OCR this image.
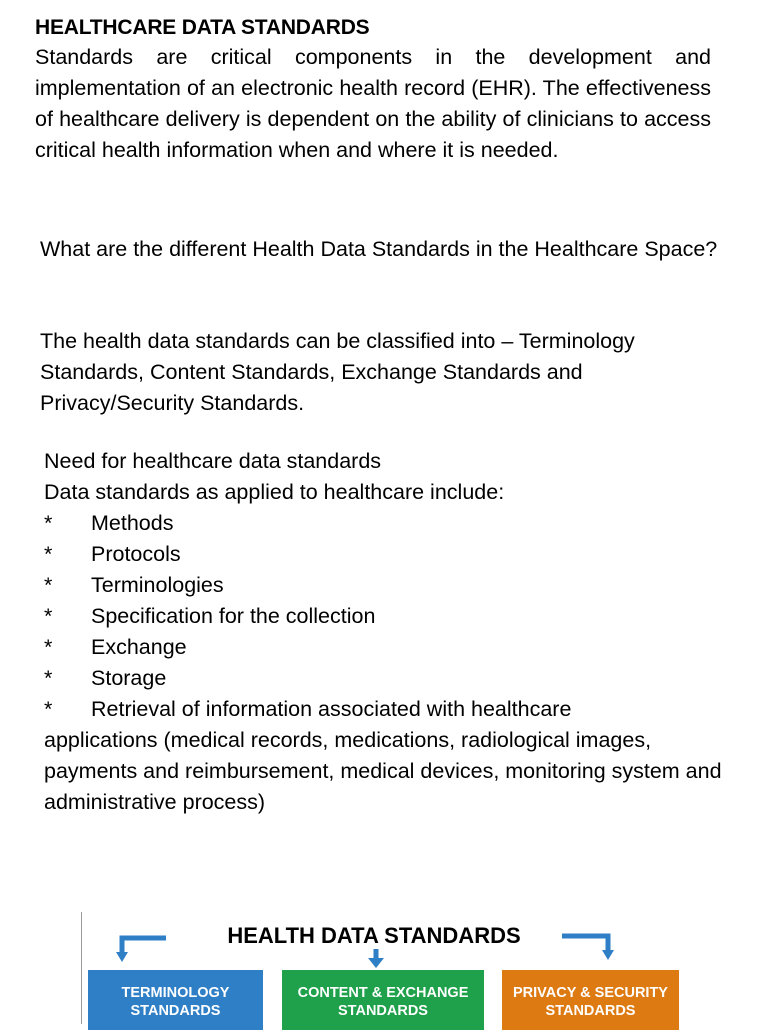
HEALTHCARE DATA STANDARDS
Standards are critical components in the development and implementation of an electronic health record (EHR). The effectiveness of healthcare delivery is dependent on the ability of clinicians to access critical health information when and where it is needed.
What are the different Health Data Standards in the Healthcare Space?
The health data standards can be classified into – Terminology Standards, Content Standards, Exchange Standards and Privacy/Security Standards.
Need for healthcare data standards
Data standards as applied to healthcare include:
*	Methods
*	Protocols
*	Terminologies
*	Specification for the collection
*	Exchange
*	Storage
*	Retrieval of information associated with healthcare
applications (medical records, medications, radiological images, payments and reimbursement, medical devices, monitoring system and administrative process)
HEALTH DATA STANDARDS
TERMINOLOGY
STANDARDS
CONTENT & EXCHANGE
STANDARDS
PRIVACY & SECURITY
STANDARDS
